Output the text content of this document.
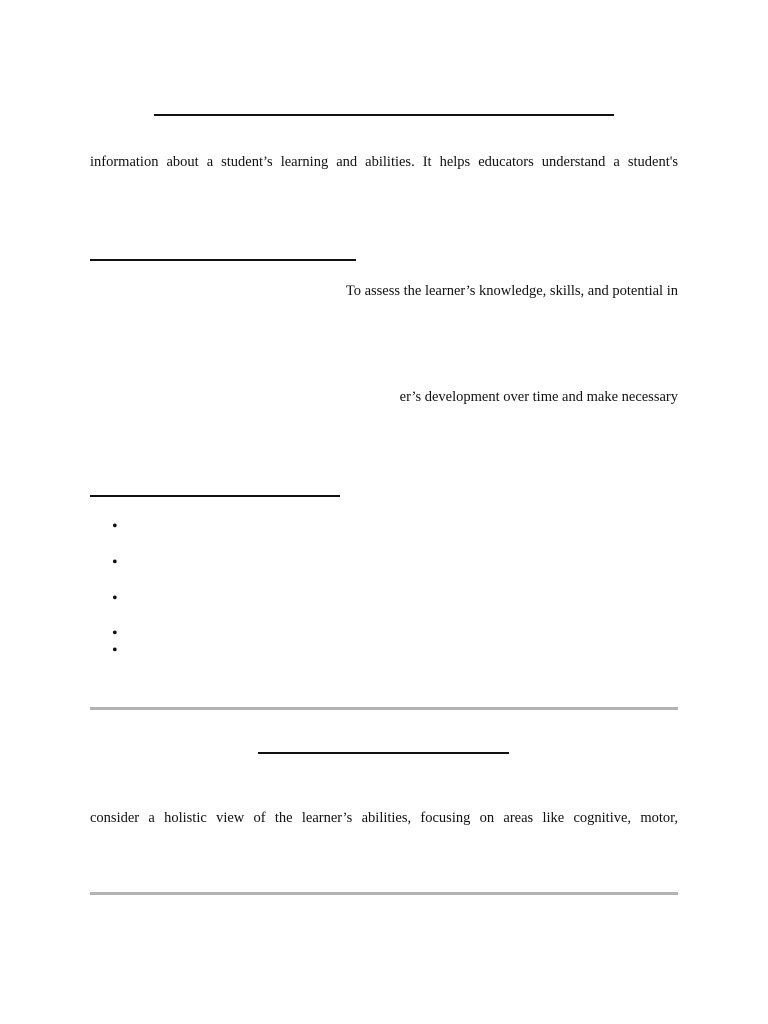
information about a student’s learning and abilities. It helps educators understand a student's
To assess the learner’s knowledge, skills, and potential in
er’s development over time and make necessary
•
•
•
•
•
consider a holistic view of the learner’s abilities, focusing on areas like cognitive, motor,
